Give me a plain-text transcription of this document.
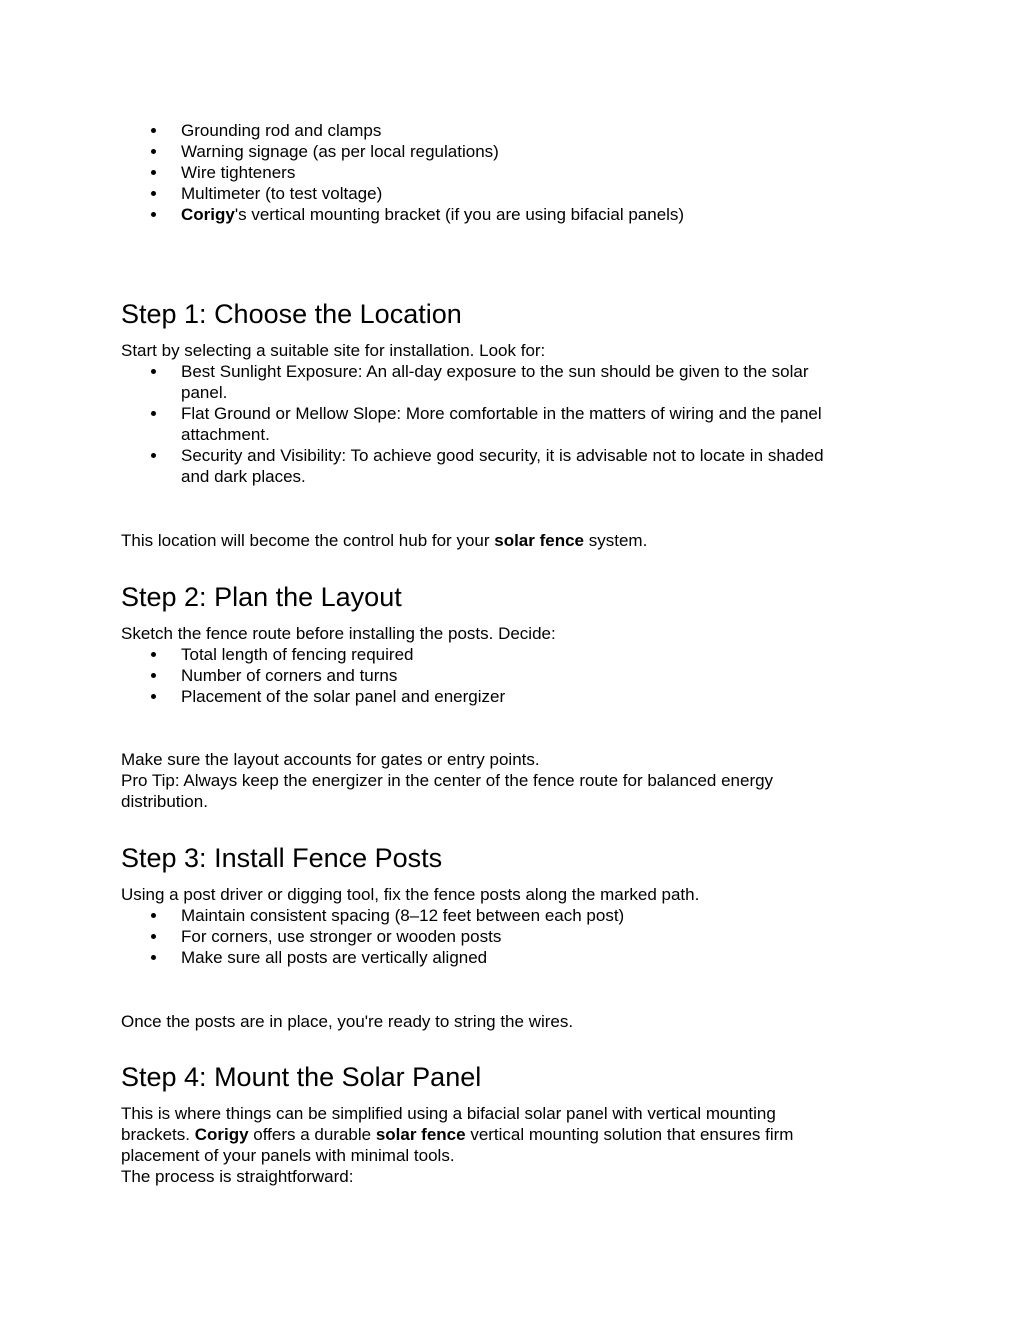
Grounding rod and clamps
Warning signage (as per local regulations)
Wire tighteners
Multimeter (to test voltage)
Corigy's vertical mounting bracket (if you are using bifacial panels)
Step 1: Choose the Location

Start by selecting a suitable site for installation. Look for:

Best Sunlight Exposure: An all-day exposure to the sun should be given to the solar
panel.
Flat Ground or Mellow Slope: More comfortable in the matters of wiring and the panel
attachment.
Security and Visibility: To achieve good security, it is advisable not to locate in shaded
and dark places.

This location will become the control hub for your solar fence system.

Step 2: Plan the Layout

Sketch the fence route before installing the posts. Decide:

Total length of fencing required
Number of corners and turns
Placement of the solar panel and energizer

Make sure the layout accounts for gates or entry points.

Pro Tip: Always keep the energizer in the center of the fence route for balanced energy
distribution.

Step 3: Install Fence Posts

Using a post driver or digging tool, fix the fence posts along the marked path.

Maintain consistent spacing (8–12 feet between each post)
For corners, use stronger or wooden posts
Make sure all posts are vertically aligned

Once the posts are in place, you're ready to string the wires.

Step 4: Mount the Solar Panel

This is where things can be simplified using a bifacial solar panel with vertical mounting
brackets. Corigy offers a durable solar fence vertical mounting solution that ensures firm
placement of your panels with minimal tools.
The process is straightforward:
